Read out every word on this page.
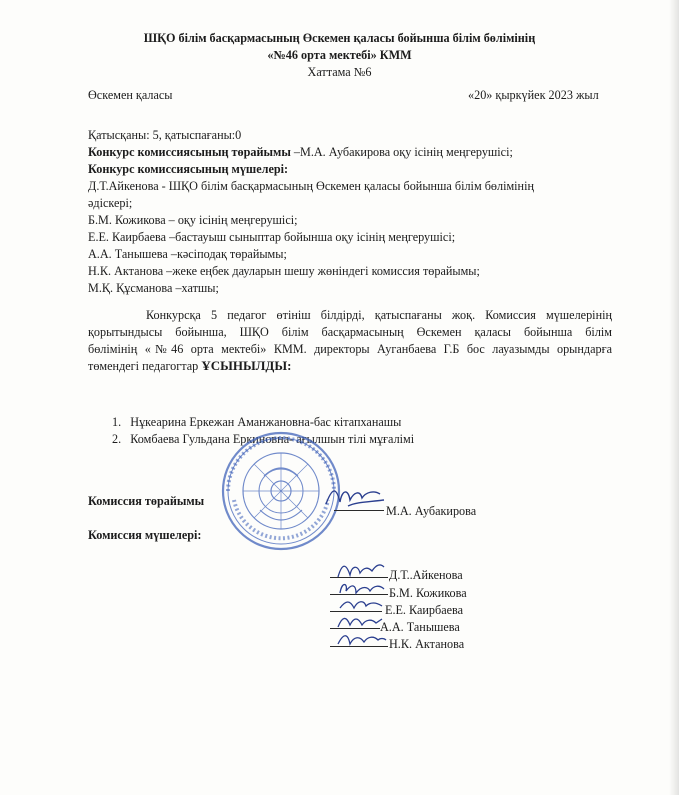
ШҚО білім басқармасының Өскемен қаласы бойынша білім бөлімінің
«№46 орта мектебі» КММ
Хаттама №6
Өскемен қаласы	«20» қыркүйек 2023 жыл
Қатысқаны: 5, қатыспағаны:0
Конкурс комиссиясының төрайымы –М.А. Аубакирова оқу ісінің меңгерушісі;
Конкурс комиссиясының мүшелері:
Д.Т.Айкенова - ШҚО білім басқармасының Өскемен қаласы бойынша білім бөлімінің
әдіскері;
Б.М. Кожикова – оқу ісінің меңгерушісі;
Е.Е. Каирбаева –бастауыш сыныптар бойынша оқу ісінің меңгерушісі;
А.А. Танышева –кәсіподақ төрайымы;
Н.К. Актанова –жеке еңбек дауларын шешу жөніндегі комиссия төрайымы;
М.Қ. Құсманова –хатшы;
Конкурсқа 5 педагог өтініш білдірді, қатыспағаны жоқ. Комиссия мүшелерінің
қорытындысы бойынша, ШҚО білім басқармасының Өскемен қаласы бойынша білім
бөлімінің «№46 орта мектебі» КММ. директоры Ауганбаева Г.Б бос лауазымды орындарға
төмендегі педагогтар ҰСЫНЫЛДЫ:
1. Нұкеарина Еркежан Аманжановна-бас кітапханашы
2. Комбаева Гульдана Еркиновна- ағылшын тілі мұғалімі
Комиссия төрайымы
М.А. Аубакирова
Комиссия мүшелері:
Д.Т..Айкенова
Б.М. Кожикова
Е.Е. Каирбаева
А.А. Танышева
Н.К. Актанова
